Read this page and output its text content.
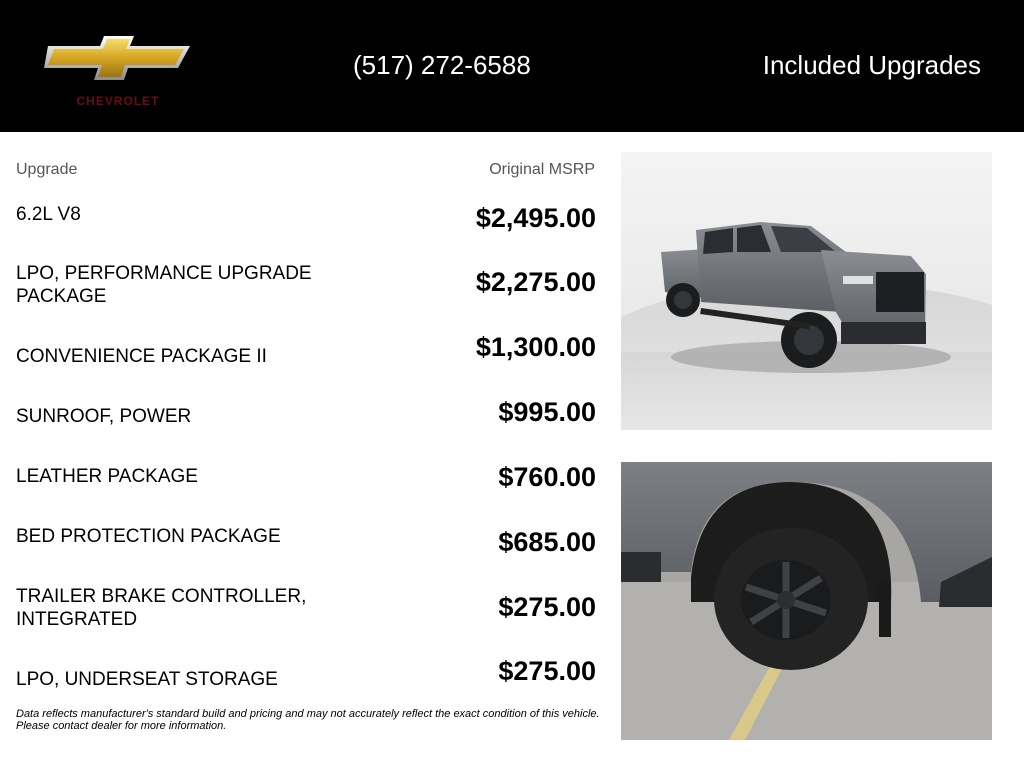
CHEVROLET
(517) 272-6588	Included Upgrades
Upgrade	Original MSRP
6.2L V8	$2,495.00
LPO, PERFORMANCE UPGRADE PACKAGE	$2,275.00
CONVENIENCE PACKAGE II	$1,300.00
SUNROOF, POWER	$995.00
LEATHER PACKAGE	$760.00
BED PROTECTION PACKAGE	$685.00
TRAILER BRAKE CONTROLLER, INTEGRATED	$275.00
LPO, UNDERSEAT STORAGE	$275.00
Data reflects manufacturer's standard build and pricing and may not accurately reflect the exact condition of this vehicle. Please contact dealer for more information.
